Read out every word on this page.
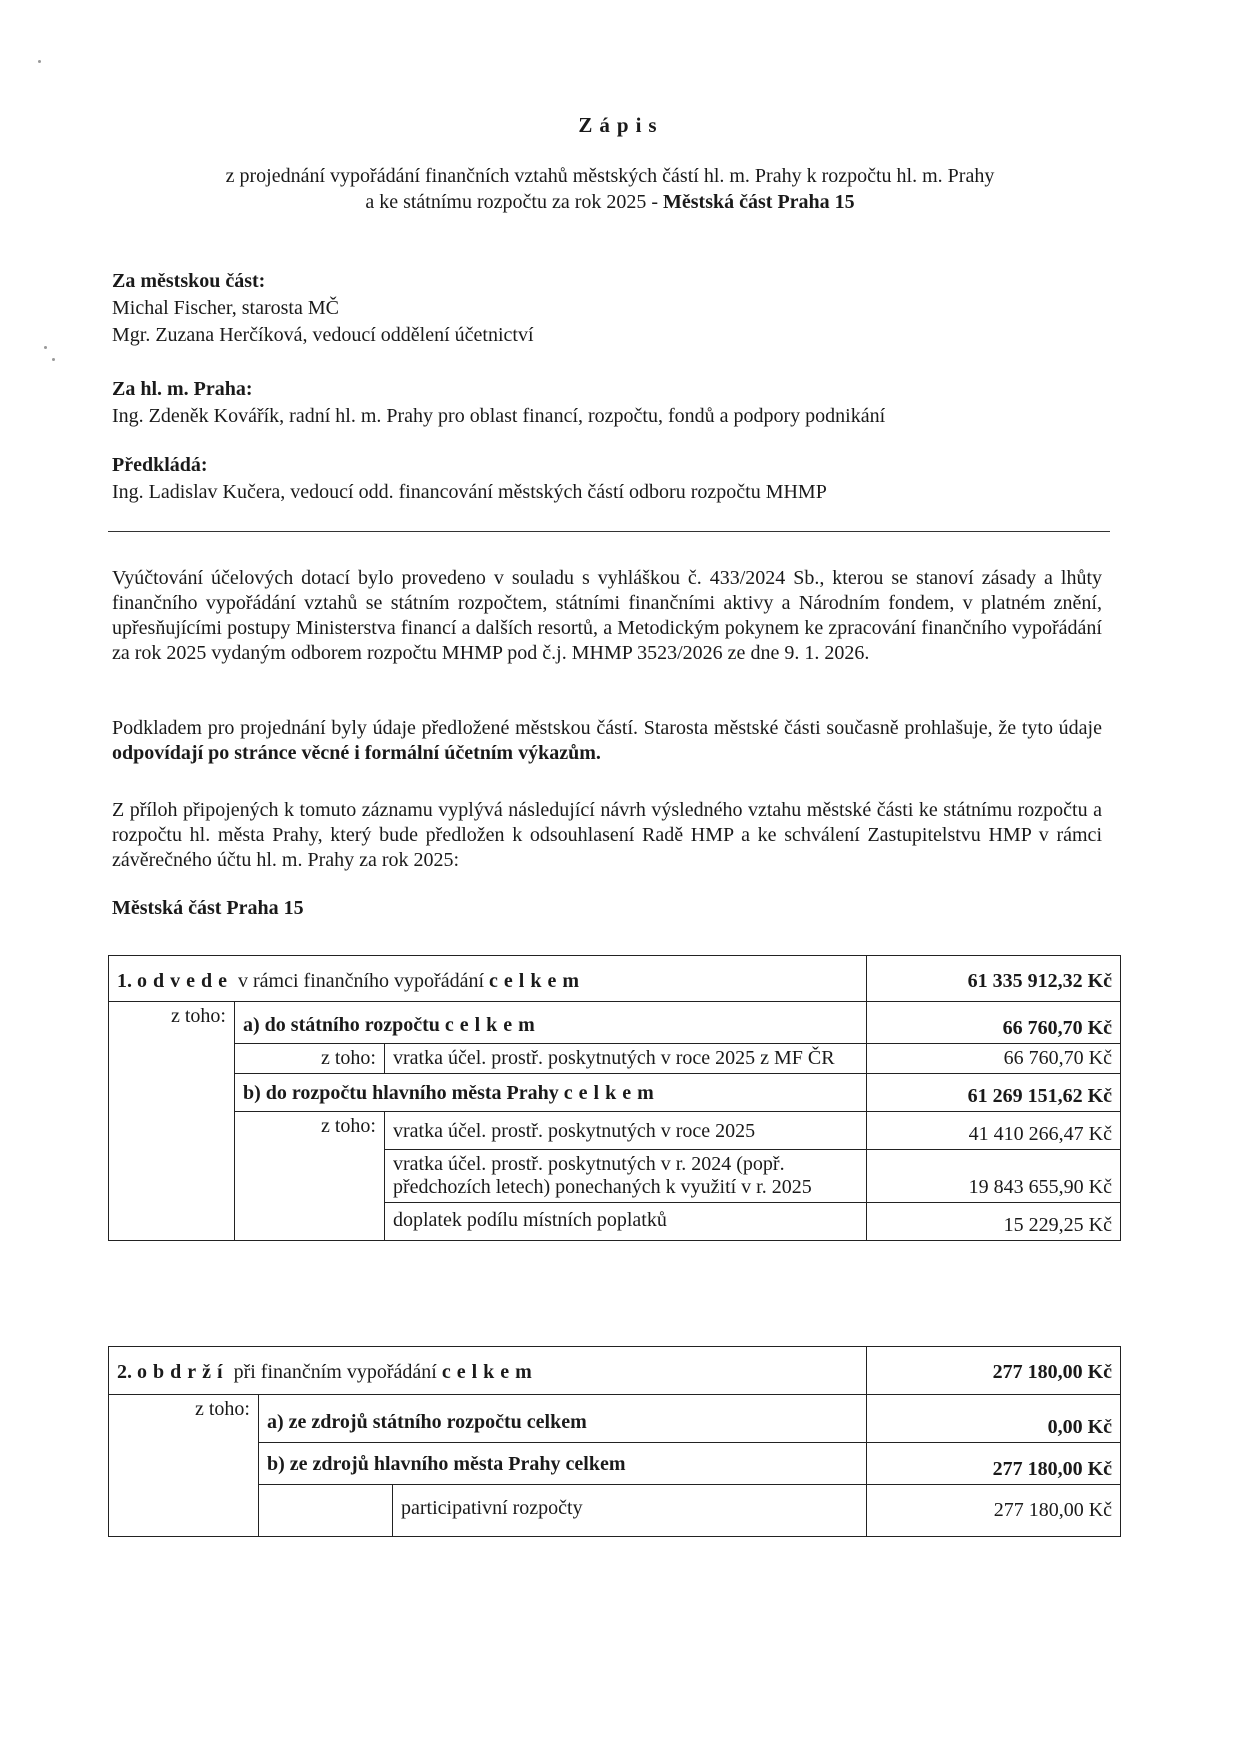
Zápis
z projednání vypořádání finančních vztahů městských částí hl. m. Prahy k rozpočtu hl. m. Prahy
a ke státnímu rozpočtu za rok 2025 - Městská část Praha 15
Za městskou část:
Michal Fischer, starosta MČ
Mgr. Zuzana Herčíková, vedoucí oddělení účetnictví
Za hl. m. Praha:
Ing. Zdeněk Kovářík, radní hl. m. Prahy pro oblast financí, rozpočtu, fondů a podpory podnikání
Předkládá:
Ing. Ladislav Kučera, vedoucí odd. financování městských částí odboru rozpočtu MHMP
Vyúčtování účelových dotací bylo provedeno v souladu s vyhláškou č. 433/2024 Sb., kterou se stanoví zásady a lhůty finančního vypořádání vztahů se státním rozpočtem, státními finančními aktivy a Národním fondem, v platném znění, upřesňujícími postupy Ministerstva financí a dalších resortů, a Metodickým pokynem ke zpracování finančního vypořádání za rok 2025 vydaným odborem rozpočtu MHMP pod č.j. MHMP 3523/2026 ze dne 9. 1. 2026.
Podkladem pro projednání byly údaje předložené městskou částí. Starosta městské části současně prohlašuje, že tyto údaje odpovídají po stránce věcné i formální účetním výkazům.
Z příloh připojených k tomuto záznamu vyplývá následující návrh výsledného vztahu městské části ke státnímu rozpočtu a rozpočtu hl. města Prahy, který bude předložen k odsouhlasení Radě HMP a ke schválení Zastupitelstvu HMP v rámci závěrečného účtu hl. m. Prahy za rok 2025:
Městská část Praha 15
1. odvede v rámci finančního vypořádání celkem			61 335 912,32 Kč
z toho:	a) do státního rozpočtu celkem		66 760,70 Kč
	z toho:	vratka účel. prostř. poskytnutých v roce 2025 z MF ČR	66 760,70 Kč
	b) do rozpočtu hlavního města Prahy celkem		61 269 151,62 Kč
	z toho:	vratka účel. prostř. poskytnutých v roce 2025	41 410 266,47 Kč
		vratka účel. prostř. poskytnutých v r. 2024 (popř. předchozích letech) ponechaných k využití v r. 2025	19 843 655,90 Kč
		doplatek podílu místních poplatků	15 229,25 Kč
2. obdrží při finančním vypořádání celkem			277 180,00 Kč
z toho:	a) ze zdrojů státního rozpočtu celkem		0,00 Kč
	b) ze zdrojů hlavního města Prahy celkem		277 180,00 Kč
		participativní rozpočty	277 180,00 Kč
